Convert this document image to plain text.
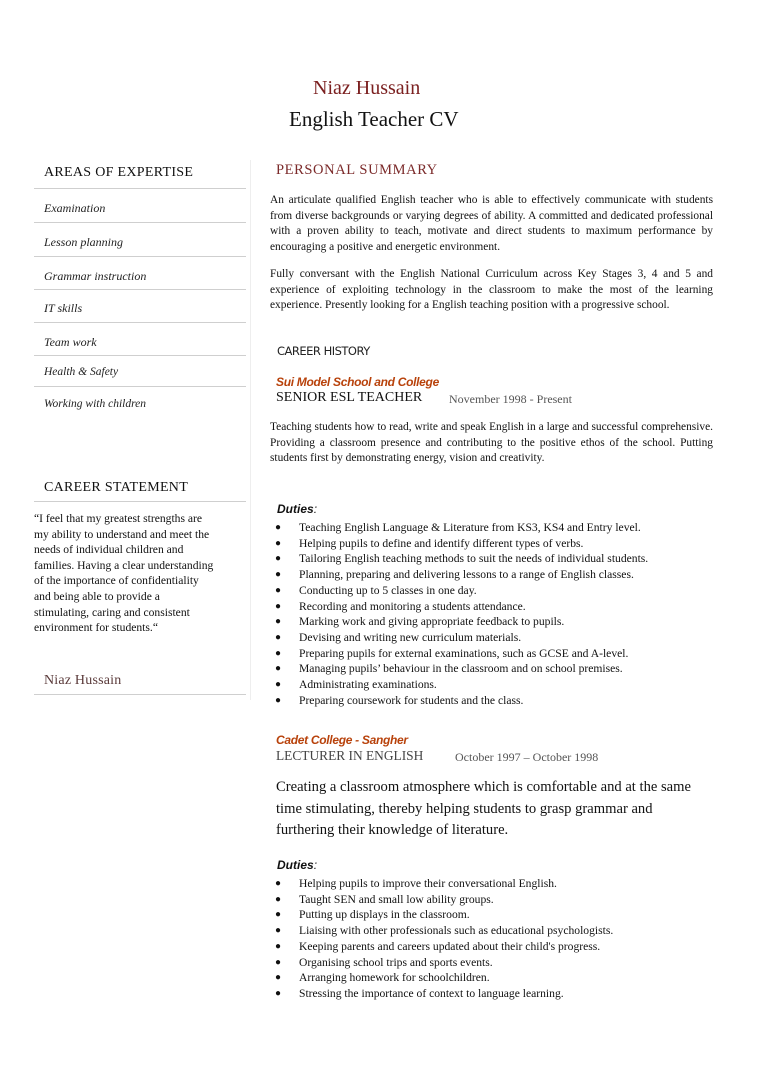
Niaz Hussain
English Teacher CV
AREAS OF EXPERTISE
Examination
Lesson planning
Grammar instruction
IT skills
Team work
Health & Safety
Working with children
CAREER STATEMENT
“I feel that my greatest strengths are my ability to understand and meet the needs of individual children and families. Having a clear understanding of the importance of confidentiality and being able to provide a stimulating, caring and consistent environment for students.“
Niaz Hussain
PERSONAL SUMMARY
An articulate qualified English teacher who is able to effectively communicate with students from diverse backgrounds or varying degrees of ability. A committed and dedicated professional with a proven ability to teach, motivate and direct students to maximum performance by encouraging a positive and energetic environment.
Fully conversant with the English National Curriculum across Key Stages 3, 4 and 5 and experience of exploiting technology in the classroom to make the most of the learning experience. Presently looking for a English teaching position with a progressive school.
CAREER HISTORY
Sui Model School and College
SENIOR ESL TEACHER November 1998 - Present
Teaching students how to read, write and speak English in a large and successful comprehensive. Providing a classroom presence and contributing to the positive ethos of the school. Putting students first by demonstrating energy, vision and creativity.
Duties:
● Teaching English Language & Literature from KS3, KS4 and Entry level.
● Helping pupils to define and identify different types of verbs.
● Tailoring English teaching methods to suit the needs of individual students.
● Planning, preparing and delivering lessons to a range of English classes.
● Conducting up to 5 classes in one day.
● Recording and monitoring a students attendance.
● Marking work and giving appropriate feedback to pupils.
● Devising and writing new curriculum materials.
● Preparing pupils for external examinations, such as GCSE and A-level.
● Managing pupils’ behaviour in the classroom and on school premises.
● Administrating examinations.
● Preparing coursework for students and the class.
Cadet College - Sangher
LECTURER IN ENGLISH	October 1997 – October 1998
Creating a classroom atmosphere which is comfortable and at the same time stimulating, thereby helping students to grasp grammar and furthering their knowledge of literature.
Duties:
● Helping pupils to improve their conversational English.
● Taught SEN and small low ability groups.
● Putting up displays in the classroom.
● Liaising with other professionals such as educational psychologists.
● Keeping parents and careers updated about their child's progress.
● Organising school trips and sports events.
● Arranging homework for schoolchildren.
● Stressing the importance of context to language learning.
